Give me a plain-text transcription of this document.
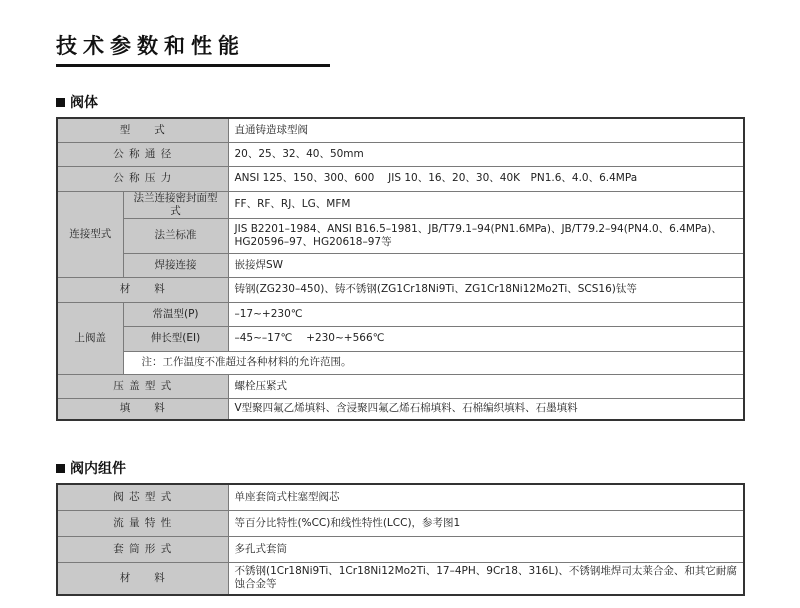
技术参数和性能
阀体
型　　式		直通铸造球型阀
公 称 通 径		20、25、32、40、50mm
公 称 压 力		ANSI 125、150、300、600　 JIS 10、16、20、30、40K　PN1.6、4.0、6.4MPa
连接型式	法兰连接密封面型式	FF、RF、RJ、LG、MFM
	法兰标准	JIS B2201–1984、ANSI B16.5–1981、JB/T79.1–94(PN1.6MPa)、JB/T79.2–94(PN4.0、6.4MPa)、HG20596–97、HG20618–97等
	焊接连接	嵌接焊SW
材　　料		铸钢(ZG230–450)、铸不锈钢(ZG1Cr18Ni9Ti、ZG1Cr18Ni12Mo2Ti、SCS16)钛等
上阀盖	常温型(P)	–17~+230℃
	伸长型(EI)	–45~–17℃　 +230~+566℃
	注：工作温度不准超过各种材料的允许范围。	
压 盖 型 式		螺栓压紧式
填　　料		V型聚四氟乙烯填料、含浸聚四氟乙烯石棉填料、石棉编织填料、石墨填料
阀内组件
阀 芯 型 式	单座套筒式柱塞型阀芯
流 量 特 性	等百分比特性(%CC)和线性特性(LCC)，参考图1
套 筒 形 式	多孔式套筒
材　　料	不锈钢(1Cr18Ni9Ti、1Cr18Ni12Mo2Ti、17–4PH、9Cr18、316L)、不锈钢堆焊司太莱合金、和其它耐腐蚀合金等
